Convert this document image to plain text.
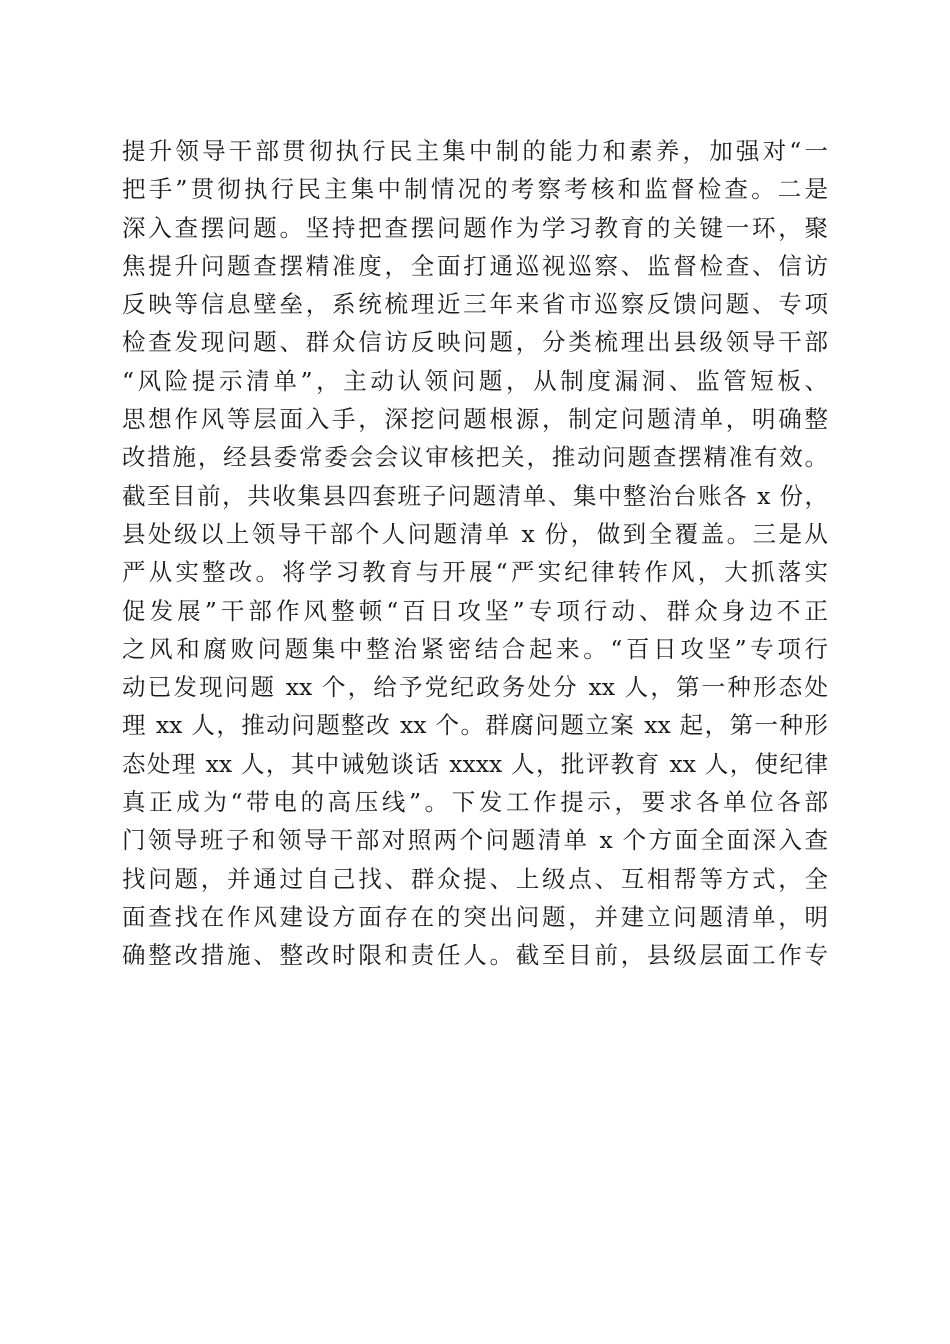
提升领导干部贯彻执行民主集中制的能力和素养，加强对“一
把手”贯彻执行民主集中制情况的考察考核和监督检查。二是
深入查摆问题。坚持把查摆问题作为学习教育的关键一环，聚
焦提升问题查摆精准度，全面打通巡视巡察、监督检查、信访
反映等信息壁垒，系统梳理近三年来省市巡察反馈问题、专项
检查发现问题、群众信访反映问题，分类梳理出县级领导干部
“风险提示清单”，主动认领问题，从制度漏洞、监管短板、
思想作风等层面入手，深挖问题根源，制定问题清单，明确整
改措施，经县委常委会会议审核把关，推动问题查摆精准有效。
截至目前，共收集县四套班子问题清单、集中整治台账各 x 份，
县处级以上领导干部个人问题清单 x 份，做到全覆盖。三是从
严从实整改。将学习教育与开展“严实纪律转作风，大抓落实
促发展”干部作风整顿“百日攻坚”专项行动、群众身边不正
之风和腐败问题集中整治紧密结合起来。“百日攻坚”专项行
动已发现问题 xx 个，给予党纪政务处分 xx 人，第一种形态处
理 xx 人，推动问题整改 xx 个。群腐问题立案 xx 起，第一种形
态处理 xx 人，其中诫勉谈话 xxxx 人，批评教育 xx 人，使纪律
真正成为“带电的高压线”。下发工作提示，要求各单位各部
门领导班子和领导干部对照两个问题清单 x 个方面全面深入查
找问题，并通过自己找、群众提、上级点、互相帮等方式，全
面查找在作风建设方面存在的突出问题，并建立问题清单，明
确整改措施、整改时限和责任人。截至目前，县级层面工作专
